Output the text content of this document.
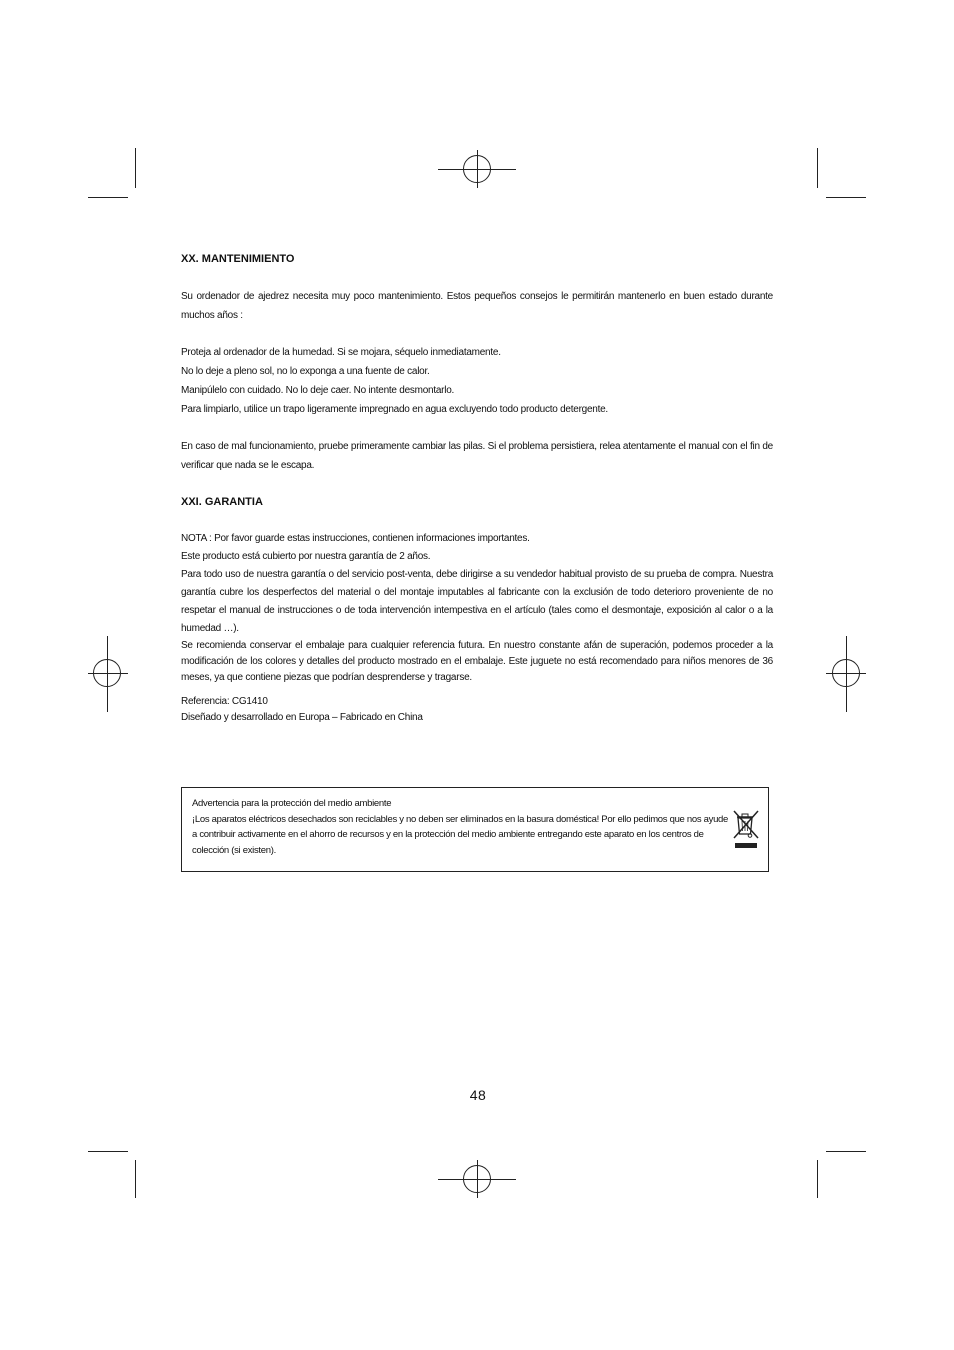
XX. MANTENIMIENTO

Su ordenador de ajedrez necesita muy poco mantenimiento. Estos pequeños consejos le permitirán mantenerlo en buen estado durante muchos años :

Proteja al ordenador de la humedad. Si se mojara, séquelo inmediatamente.

No lo deje a pleno sol, no lo exponga a una fuente de calor.

Manipúlelo con cuidado. No lo deje caer. No intente desmontarlo.

Para limpiarlo, utilice un trapo ligeramente impregnado en agua excluyendo todo producto detergente.

En caso de mal funcionamiento, pruebe primeramente cambiar las pilas. Si el problema persistiera, relea atentamente el manual con el fin de verificar que nada se le escapa.

XXI. GARANTIA

NOTA : Por favor guarde estas instrucciones, contienen informaciones importantes.

Este producto está cubierto por nuestra garantía de 2 años.

Para todo uso de nuestra garantía o del servicio post-venta, debe dirigirse a su vendedor habitual provisto de su prueba de compra. Nuestra garantía cubre los desperfectos del material o del montaje imputables al fabricante con la exclusión de todo deterioro proveniente de no respetar el manual de instrucciones o de toda intervención intempestiva en el artículo (tales como el desmontaje, exposición al calor o a la humedad …).

Se recomienda conservar el embalaje para cualquier referencia futura. En nuestro constante afán de superación, podemos proceder a la modificación de los colores y detalles del producto mostrado en el embalaje. Este juguete no está recomendado para niños menores de 36 meses, ya que contiene piezas que podrían desprenderse y tragarse.

Referencia: CG1410

Diseñado y desarrollado en Europa – Fabricado en China

Advertencia para la protección del medio ambiente
¡Los aparatos eléctricos desechados son reciclables y no deben ser eliminados en la basura doméstica! Por ello pedimos que nos ayude a contribuir activamente en el ahorro de recursos y en la protección del medio ambiente entregando este aparato en los centros de colección (si existen).

48
